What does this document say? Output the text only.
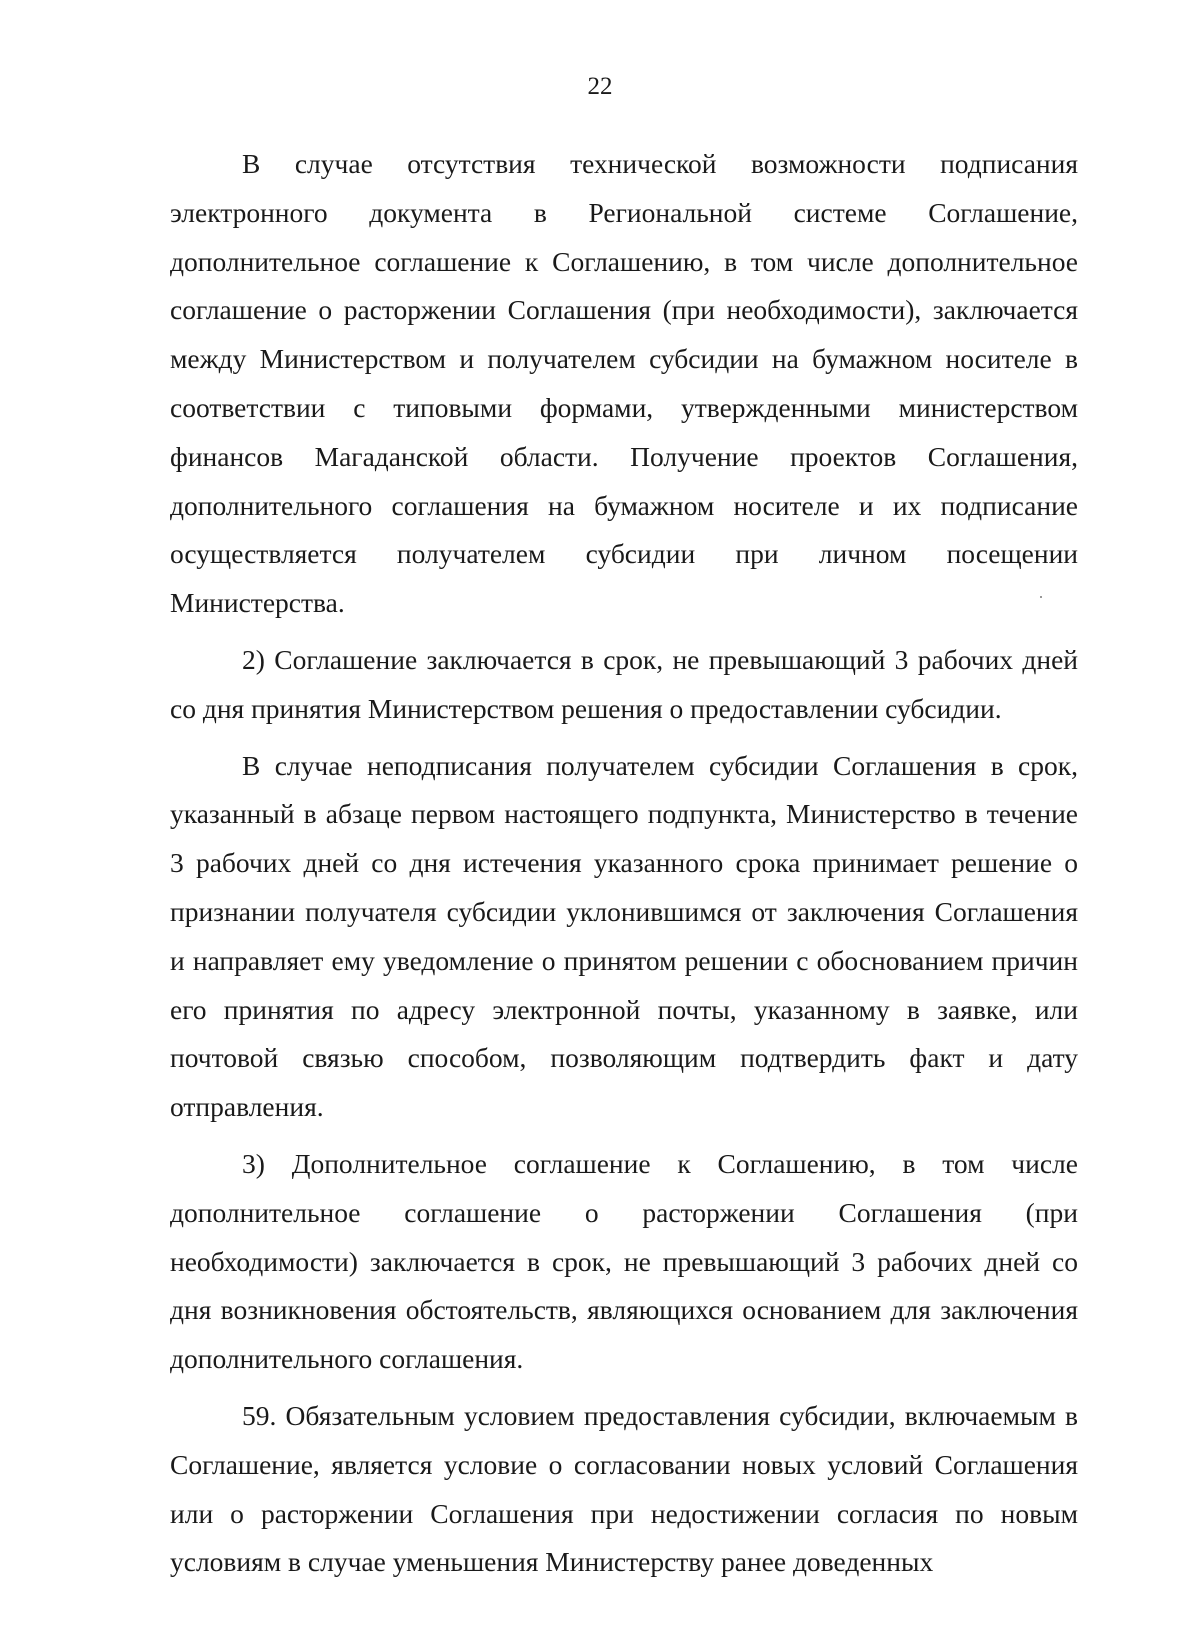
22

В случае отсутствия технической возможности подписания электронного документа в Региональной системе Соглашение, дополнительное соглашение к Соглашению, в том числе дополнительное соглашение о расторжении Соглашения (при необходимости), заключается между Министерством и получателем субсидии на бумажном носителе в соответствии с типовыми формами, утвержденными министерством финансов Магаданской области. Получение проектов Соглашения, дополнительного соглашения на бумажном носителе и их подписание осуществляется получателем субсидии при личном посещении Министерства.

2) Соглашение заключается в срок, не превышающий 3 рабочих дней со дня принятия Министерством решения о предоставлении субсидии.

В случае неподписания получателем субсидии Соглашения в срок, указанный в абзаце первом настоящего подпункта, Министерство в течение 3 рабочих дней со дня истечения указанного срока принимает решение о признании получателя субсидии уклонившимся от заключения Соглашения и направляет ему уведомление о принятом решении с обоснованием причин его принятия по адресу электронной почты, указанному в заявке, или почтовой связью способом, позволяющим подтвердить факт и дату отправления.

3) Дополнительное соглашение к Соглашению, в том числе дополнительное соглашение о расторжении Соглашения (при необходимости) заключается в срок, не превышающий 3 рабочих дней со дня возникновения обстоятельств, являющихся основанием для заключения дополнительного соглашения.

59. Обязательным условием предоставления субсидии, включаемым в Соглашение, является условие о согласовании новых условий Соглашения или о расторжении Соглашения при недостижении согласия по новым условиям в случае уменьшения Министерству ранее доведенных
